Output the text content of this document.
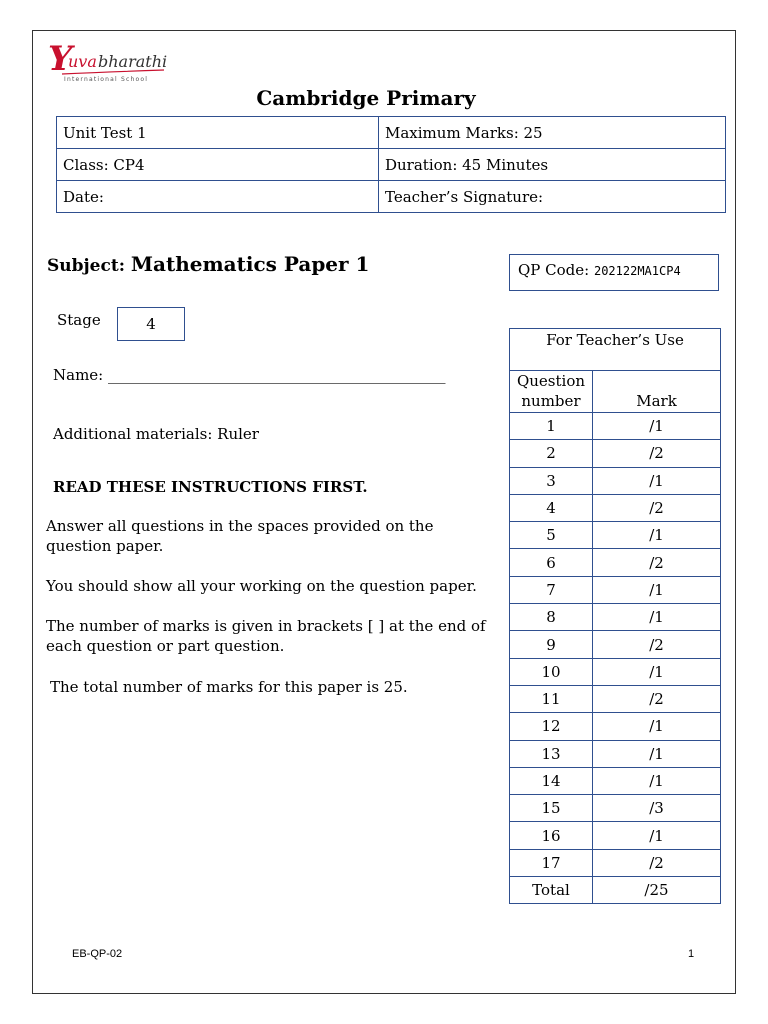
Y
uva bharathi
International School
Cambridge Primary
Unit Test 1	Maximum Marks: 25
Class: CP4	Duration: 45 Minutes
Date:	Teacher’s Signature:
Subject: Mathematics Paper 1	QP Code: 202122MA1CP4
Stage	4
Name: _____________________________________________
Additional materials: Ruler
READ THESE INSTRUCTIONS FIRST.
Answer all questions in the spaces provided on the question paper.
You should show all your working on the question paper.
The number of marks is given in brackets [ ] at the end of each question or part question.
The total number of marks for this paper is 25.
For Teacher’s Use	
Question number	Mark
1	/1
2	/2
3	/1
4	/2
5	/1
6	/2
7	/1
8	/1
9	/2
10	/1
11	/2
12	/1
13	/1
14	/1
15	/3
16	/1
17	/2
Total	/25
EB-QP-02	1
